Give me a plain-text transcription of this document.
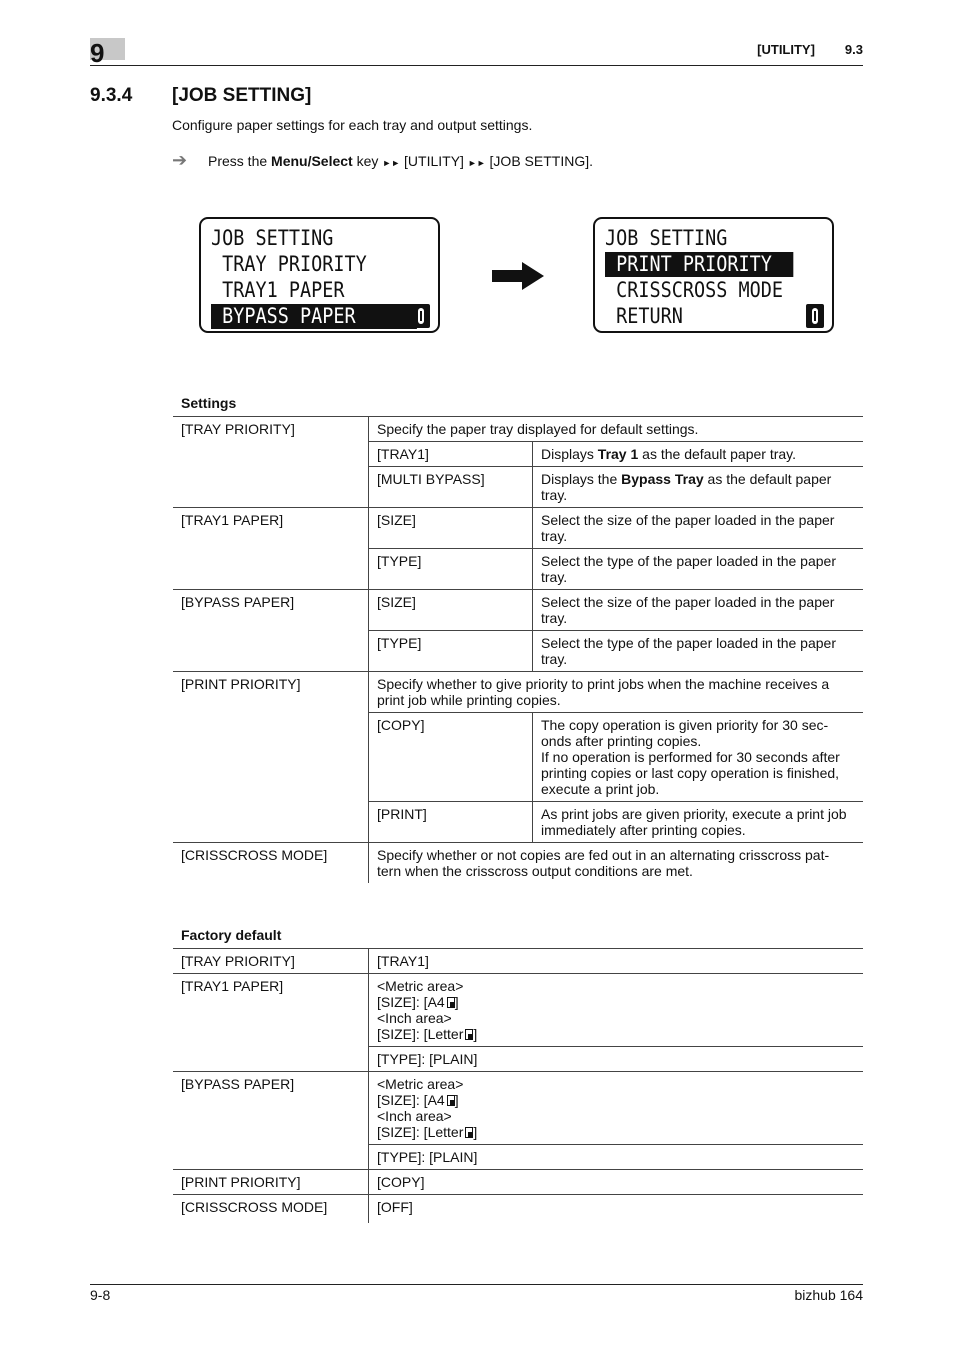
9	[UTILITY] 9.3
9.3.4 [JOB SETTING]
Configure paper settings for each tray and output settings.
➔ Press the Menu/Select key ►► [UTILITY] ►► [JOB SETTING].
JOB SETTING
TRAY PRIORITY
TRAY1 PAPER
BYPASS PAPER
JOB SETTING
PRINT PRIORITY
CRISSCROSS MODE
RETURN
Settings
[TRAY PRIORITY]	Specify the paper tray displayed for default settings.	
	[TRAY1]	Displays Tray 1 as the default paper tray.
	[MULTI BYPASS]	Displays the Bypass Tray as the default paper tray.
[TRAY1 PAPER]	[SIZE]	Select the size of the paper loaded in the paper tray.
	[TYPE]	Select the type of the paper loaded in the paper tray.
[BYPASS PAPER]	[SIZE]	Select the size of the paper loaded in the paper tray.
	[TYPE]	Select the type of the paper loaded in the paper tray.
[PRINT PRIORITY]	Specify whether to give priority to print jobs when the machine receives a print job while printing copies.	
	[COPY]	The copy operation is given priority for 30 sec- onds after printing copies.
If no operation is performed for 30 seconds after printing copies or last copy operation is finished, execute a print job.

	[PRINT]	As print jobs are given priority, execute a print job immediately after printing copies.
[CRISSCROSS MODE]	Specify whether or not copies are fed out in an alternating crisscross pat- tern when the crisscross output conditions are met.	
Factory default
[TRAY PRIORITY]	[TRAY1]
[TRAY1 PAPER]	<Metric area>
[SIZE]: [A4 ]
<Inch area>
[SIZE]: [Letter ]

	[TYPE]: [PLAIN]
[BYPASS PAPER]	<Metric area>
[SIZE]: [A4 ]
<Inch area>
[SIZE]: [Letter ]

	[TYPE]: [PLAIN]
[PRINT PRIORITY]	[COPY]
[CRISSCROSS MODE]	[OFF]
9-8	bizhub 164
